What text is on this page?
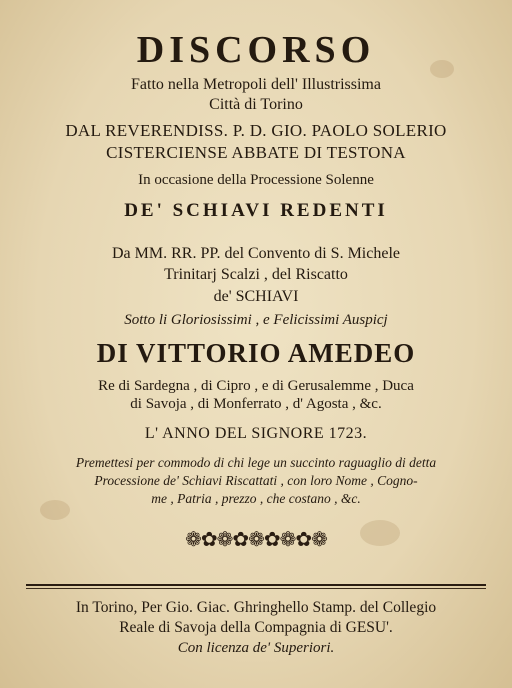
DISCORSO
Fatto nella Metropoli dell' Illustrissima
Città di Torino
DAL REVERENDISS. P. D. GIO. PAOLO SOLERIO
CISTERCIENSE ABBATE DI TESTONA
In occasione della Processione Solenne
DE' SCHIAVI REDENTI
Da MM. RR. PP. del Convento di S. Michele
Trinitarj Scalzi , del Riscatto
de' SCHIAVI
Sotto li Gloriosissimi , e Felicissimi Auspicj
DI VITTORIO AMEDEO
Re di Sardegna , di Cipro , e di Gerusalemme , Duca
di Savoja , di Monferrato , d' Agosta , &c.
L' ANNO DEL SIGNORE 1723.
Premettesi per commodo di chi lege un succinto raguaglio di detta
Processione de' Schiavi Riscattati , con loro Nome , Cogno-
me , Patria , prezzo , che costano , &c.
❁✿❁✿❁✿❁✿❁
In Torino, Per Gio. Giac. Ghringhello Stamp. del Collegio
Reale di Savoja della Compagnia di GESU'.
Con licenza de' Superiori.
